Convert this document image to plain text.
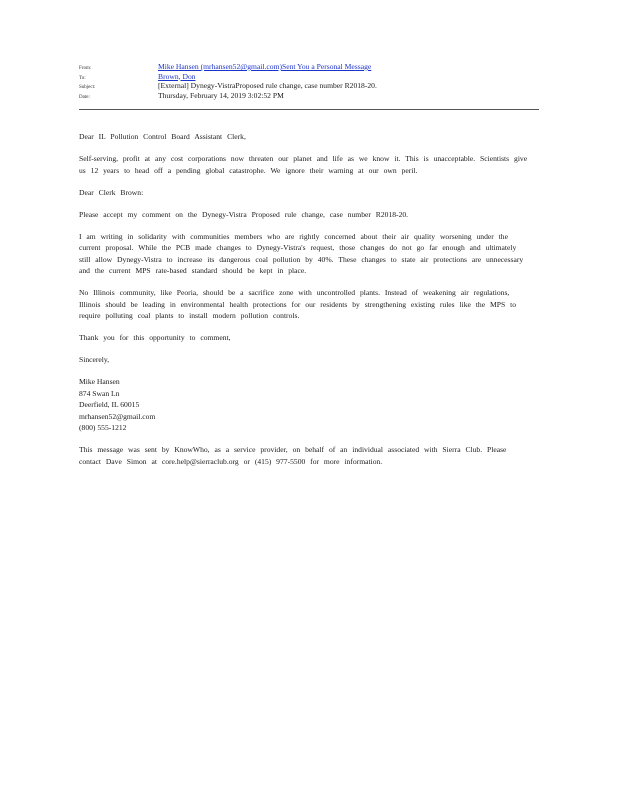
From:	Mike Hansen (mrhansen52@gmail.com)Sent You a Personal Message
To:	Brown, Don
Subject:	[External] Dynegy-VistraProposed rule change, case number R2018-20.
Date:	Thursday, February 14, 2019 3:02:52 PM

Dear IL Pollution Control Board Assistant Clerk,

Self-serving, profit at any cost corporations now threaten our planet and life as we know it. This is unacceptable. Scientists give us 12 years to head off a pending global catastrophe. We ignore their warning at our own peril.

Dear Clerk Brown:

Please accept my comment on the Dynegy-Vistra Proposed rule change, case number R2018-20.

I am writing in solidarity with communities members who are rightly concerned about their air quality worsening under the current proposal. While the PCB made changes to Dynegy-Vistra's request, those changes do not go far enough and ultimately still allow Dynegy-Vistra to increase its dangerous coal pollution by 40%. These changes to state air protections are unnecessary and the current MPS rate-based standard should be kept in place.

No Illinois community, like Peoria, should be a sacrifice zone with uncontrolled plants. Instead of weakening air regulations, Illinois should be leading in environmental health protections for our residents by strengthening existing rules like the MPS to require polluting coal plants to install modern pollution controls.

Thank you for this opportunity to comment,

Sincerely,

Mike Hansen
874 Swan Ln
Deerfield, IL 60015
mrhansen52@gmail.com
(800) 555-1212

This message was sent by KnowWho, as a service provider, on behalf of an individual associated with Sierra Club. Please contact Dave Simon at core.help@sierraclub.org or (415) 977-5500 for more information.
